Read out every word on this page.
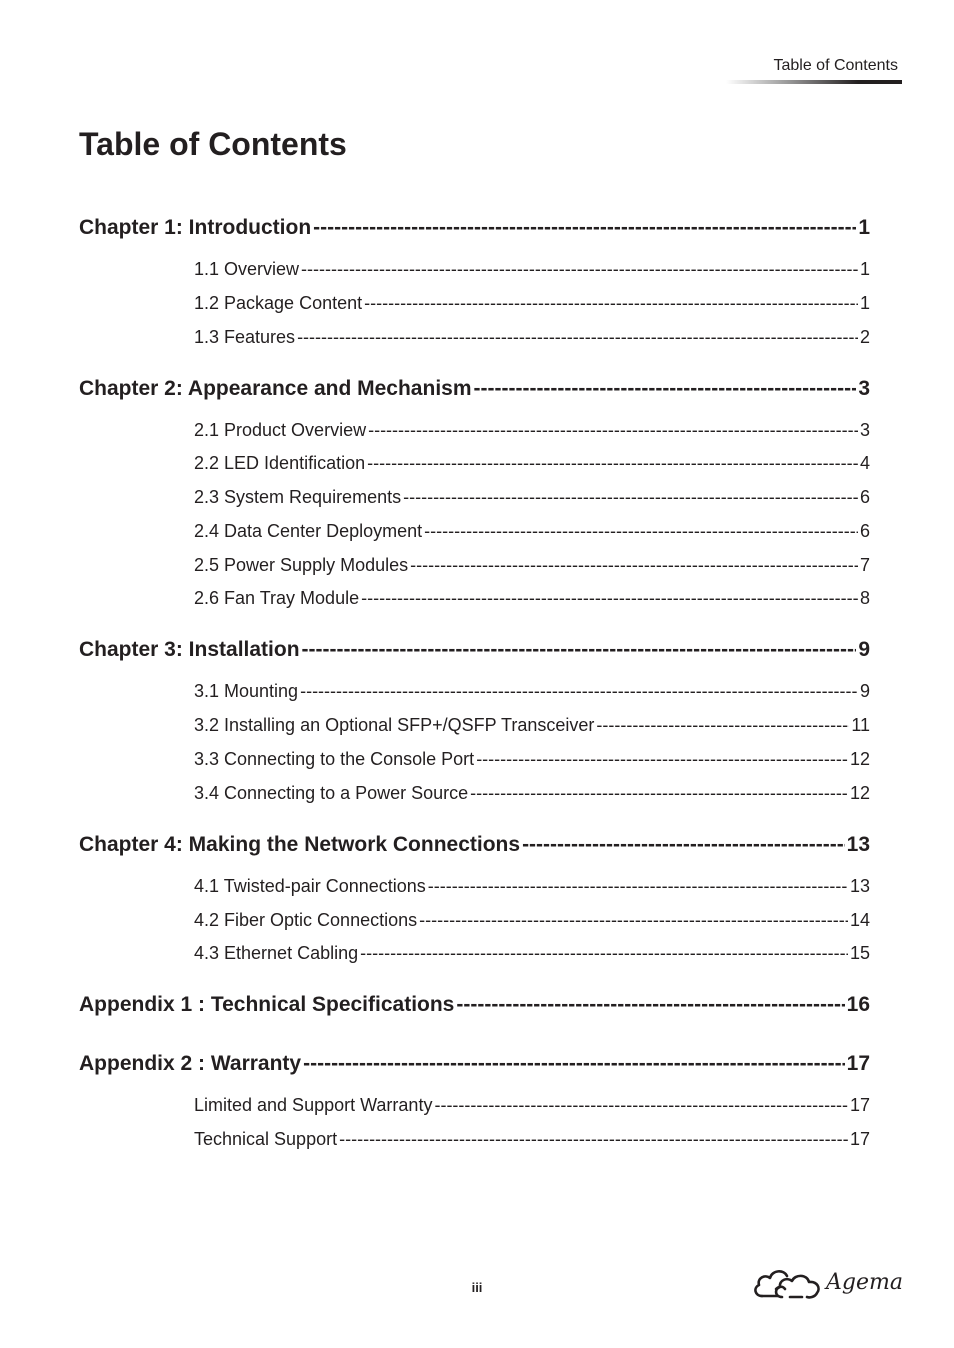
Table of Contents
Table of Contents
Chapter 1: Introduction -----	1
1.1 Overview -----	1
1.2 Package Content -----	1
1.3 Features -----	2
Chapter 2: Appearance and Mechanism -----	3
2.1 Product Overview -----	3
2.2 LED Identification -----	4
2.3 System Requirements -----	6
2.4 Data Center Deployment -----	6
2.5 Power Supply Modules -----	7
2.6 Fan Tray Module -----	8
Chapter 3: Installation -----	9
3.1 Mounting -----	9
3.2 Installing an Optional SFP+/QSFP Transceiver -----	11
3.3 Connecting to the Console Port -----	12
3.4 Connecting to a Power Source -----	12
Chapter 4: Making the Network Connections -----	13
4.1 Twisted-pair Connections -----	13
4.2 Fiber Optic Connections -----	14
4.3 Ethernet Cabling -----	15
Appendix 1 : Technical Specifications -----	16
Appendix 2 : Warranty -----	17
Limited and Support Warranty -----	17
Technical Support -----	17
iii	Agema
